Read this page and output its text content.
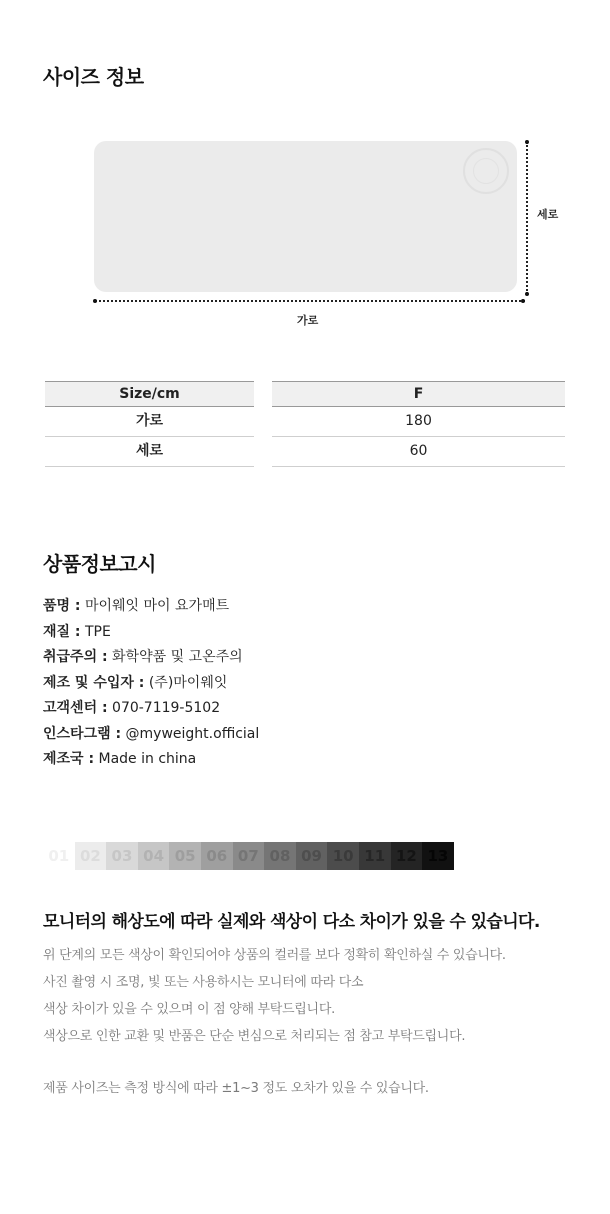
사이즈 정보
세로
가로
Size/cm
가로
세로
F
180
60
상품정보고시
품명 : 마이웨잇 마이 요가매트
재질 : TPE
취급주의 : 화학약품 및 고온주의
제조 및 수입자 : (주)마이웨잇
고객센터 : 070-7119-5102
인스타그램 : @myweight.official
제조국 : Made in china
01 02 03 04 05 06 07 08 09 10 11 12 13
모니터의 해상도에 따라 실제와 색상이 다소 차이가 있을 수 있습니다.
위 단계의 모든 색상이 확인되어야 상품의 컬러를 보다 정확히 확인하실 수 있습니다.
사진 촬영 시 조명, 빛 또는 사용하시는 모니터에 따라 다소
색상 차이가 있을 수 있으며 이 점 양해 부탁드립니다.
색상으로 인한 교환 및 반품은 단순 변심으로 처리되는 점 참고 부탁드립니다.
제품 사이즈는 측정 방식에 따라 ±1~3 정도 오차가 있을 수 있습니다.
